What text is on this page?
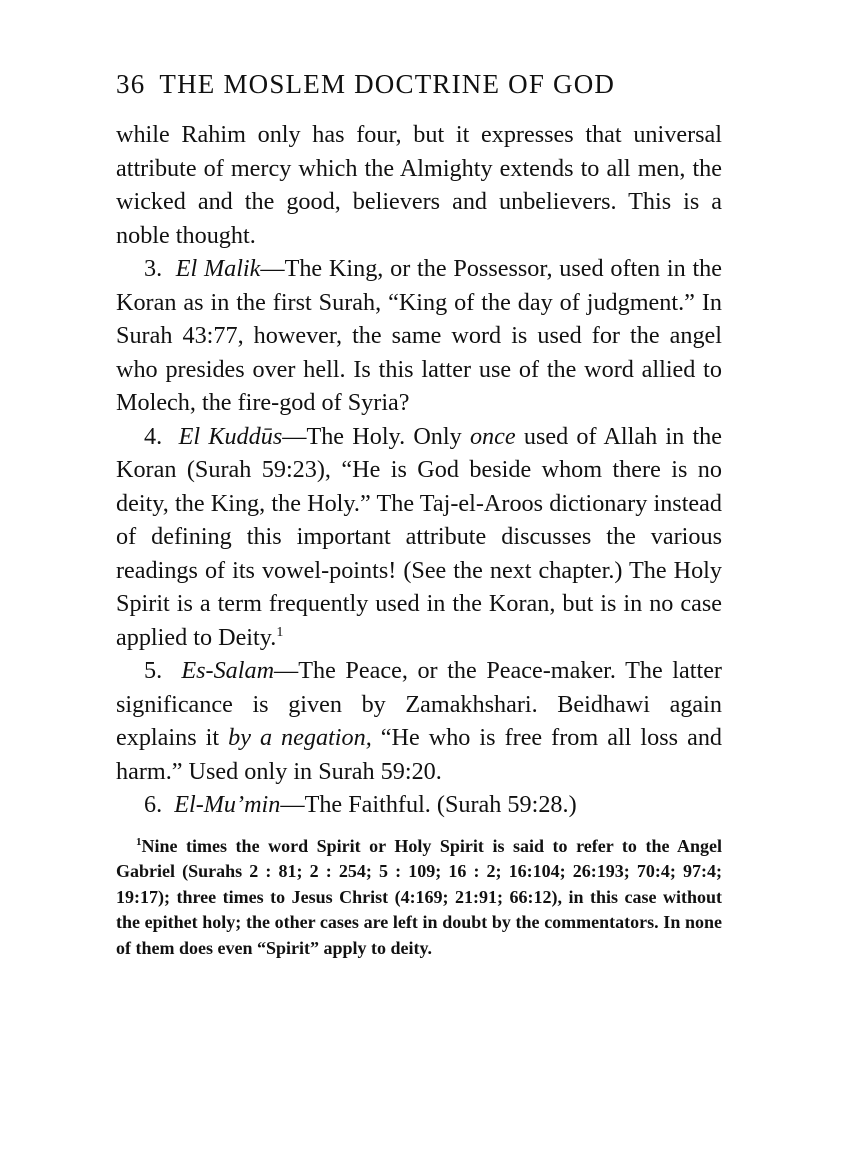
36 THE MOSLEM DOCTRINE OF GOD

while Rahim only has four, but it expresses that universal attribute of mercy which the Almighty extends to all men, the wicked and the good, believers and unbelievers. This is a noble thought.

3. El Malik—The King, or the Possessor, used often in the Koran as in the first Surah, “King of the day of judgment.” In Surah 43:77, however, the same word is used for the angel who presides over hell. Is this latter use of the word allied to Molech, the fire-god of Syria?

4. El Kuddūs—The Holy. Only once used of Allah in the Koran (Surah 59:23), “He is God beside whom there is no deity, the King, the Holy.” The Taj-el-Aroos dictionary instead of defining this important attribute discusses the various readings of its vowel-points! (See the next chapter.) The Holy Spirit is a term frequently used in the Koran, but is in no case applied to Deity.$^1$

5. Es-Salam—The Peace, or the Peace-maker. The latter significance is given by Zamakhshari. Beidhawi again explains it by a negation, “He who is free from all loss and harm.” Used only in Surah 59:20.

6. El-Mu’min—The Faithful. (Surah 59:28.)

$^1$Nine times the word Spirit or Holy Spirit is said to refer to the Angel Gabriel (Surahs 2 : 81; 2 : 254; 5 : 109; 16 : 2; 16:104; 26:193; 70:4; 97:4; 19:17); three times to Jesus Christ (4:169; 21:91; 66:12), in this case without the epithet holy; the other cases are left in doubt by the commentators. In none of them does even “Spirit” apply to deity.
